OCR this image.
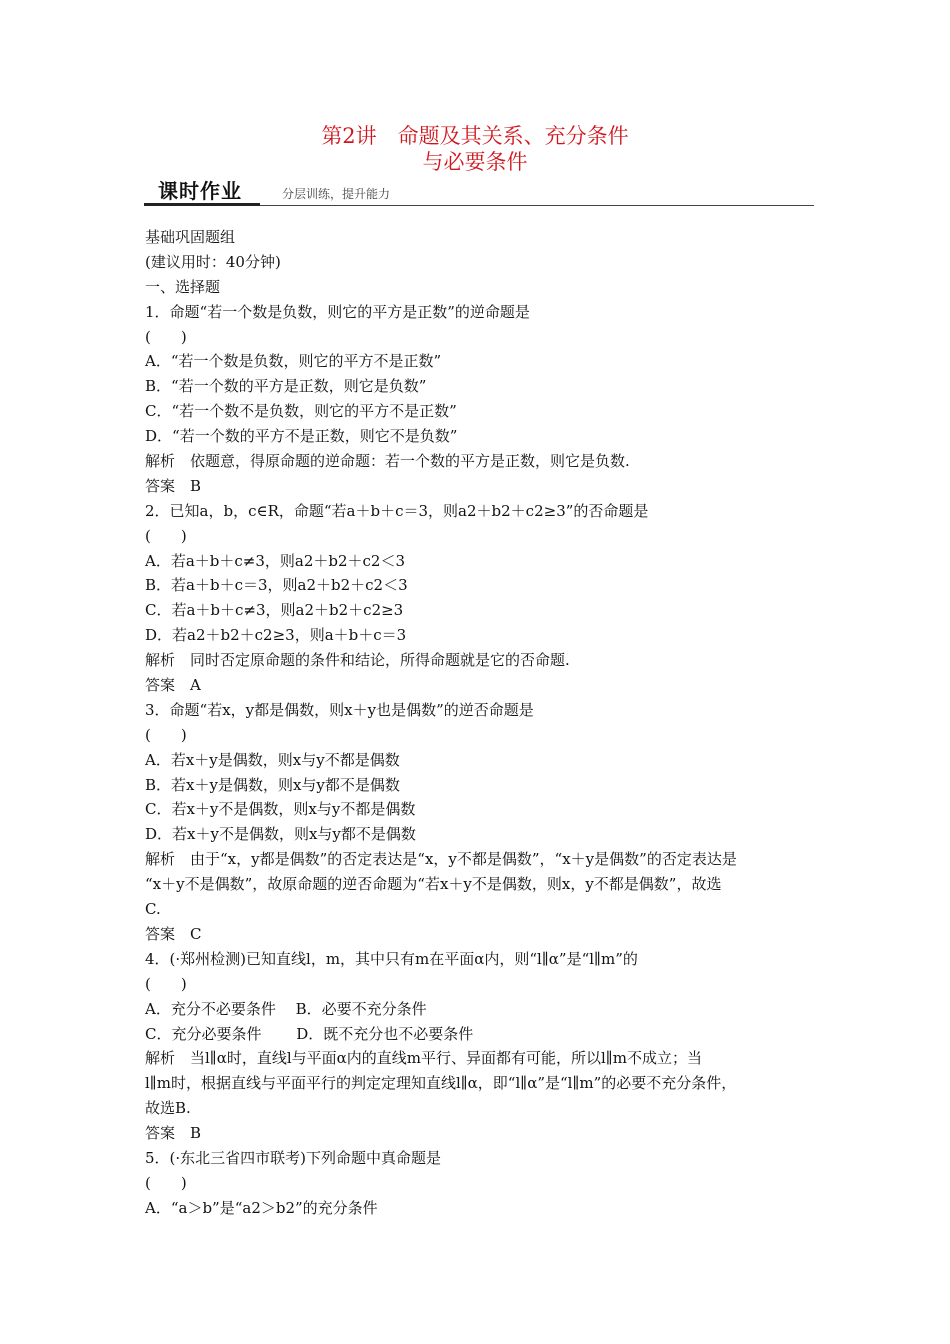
第2讲　命题及其关系、充分条件
与必要条件
课时作业	分层训练，提升能力
基础巩固题组
(建议用时：40分钟)
一、选择题
1．命题“若一个数是负数，则它的平方是正数”的逆命题是
(　　)
A．“若一个数是负数，则它的平方不是正数”
B．“若一个数的平方是正数，则它是负数”
C．“若一个数不是负数，则它的平方不是正数”
D．“若一个数的平方不是正数，则它不是负数”
解析　依题意，得原命题的逆命题：若一个数的平方是正数，则它是负数.
答案　B
2．已知a，b，c∈R，命题“若a＋b＋c＝3，则a2＋b2＋c2≥3”的否命题是
(　　)
A．若a＋b＋c≠3，则a2＋b2＋c2＜3
B．若a＋b＋c＝3，则a2＋b2＋c2＜3
C．若a＋b＋c≠3，则a2＋b2＋c2≥3
D．若a2＋b2＋c2≥3，则a＋b＋c＝3
解析　同时否定原命题的条件和结论，所得命题就是它的否命题.
答案　A
3．命题“若x，y都是偶数，则x＋y也是偶数”的逆否命题是
(　　)
A．若x＋y是偶数，则x与y不都是偶数
B．若x＋y是偶数，则x与y都不是偶数
C．若x＋y不是偶数，则x与y不都是偶数
D．若x＋y不是偶数，则x与y都不是偶数
解析　由于“x，y都是偶数”的否定表达是“x，y不都是偶数”，“x＋y是偶数”的否定表达是
“x＋y不是偶数”，故原命题的逆否命题为“若x＋y不是偶数，则x，y不都是偶数”，故选
C.
答案　C
4．(·郑州检测)已知直线l，m，其中只有m在平面α内，则“l∥α”是“l∥m”的
(　　)
A．充分不必要条件　 B．必要不充分条件
C．充分必要条件　　 D．既不充分也不必要条件
解析　当l∥α时，直线l与平面α内的直线m平行、异面都有可能，所以l∥m不成立；当
l∥m时，根据直线与平面平行的判定定理知直线l∥α，即“l∥α”是“l∥m”的必要不充分条件，
故选B.
答案　B
5．(·东北三省四市联考)下列命题中真命题是
(　　)
A．“a＞b”是“a2＞b2”的充分条件
